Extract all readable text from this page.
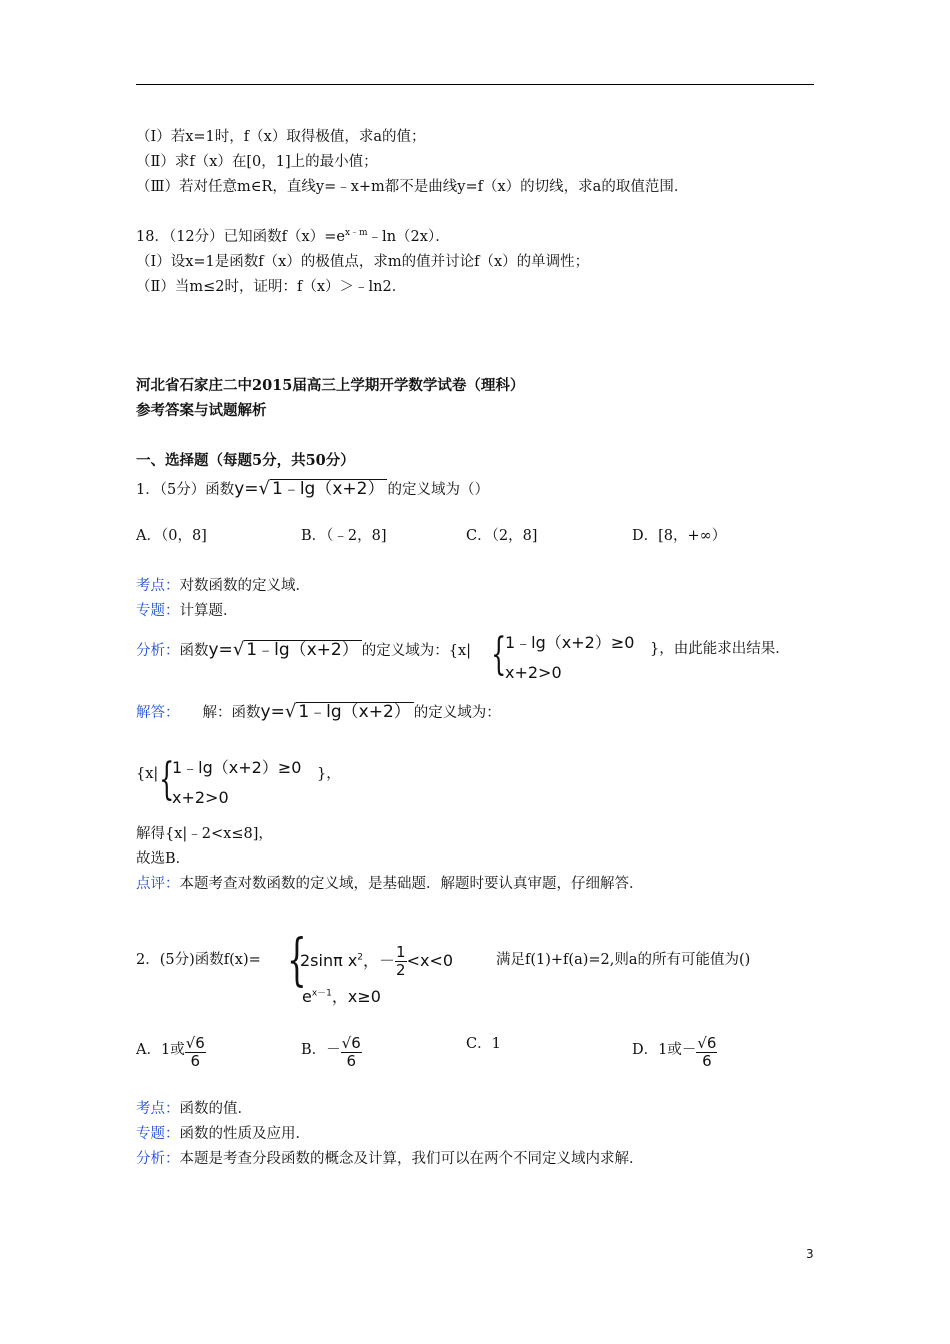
（Ⅰ）若x=1时，f（x）取得极值，求a的值；
（Ⅱ）求f（x）在[0，1]上的最小值；
（Ⅲ）若对任意m∈R，直线y=﹣x+m都不是曲线y=f（x）的切线，求a的取值范围．
18．（12分）已知函数$f(x)=e^{x﹣m}﹣\ln(2x)$．
（Ⅰ）设x=1是函数f（x）的极值点，求m的值并讨论f（x）的单调性；
（Ⅱ）当m≤2时，证明：f（x）＞﹣ln2．
河北省石家庄二中2015届高三上学期开学数学试卷（理科）
参考答案与试题解析
一、选择题（每题5分，共50分）
1．（5分）函数y=√ 1﹣lg（x+2） 的定义域为（）
A．（0，8]	B．（﹣2，8]	C．（2，8]	D．[8，+∞）
考点：对数函数的定义域．
专题：计算题．
分析：函数y=√ 1﹣lg（x+2） 的定义域为：{x| {
1﹣lg（x+2）≥0
x+2>0
}，由此能求出结果．
解答： 解：函数y=√ 1﹣lg（x+2） 的定义域为：
{x| {
1﹣lg（x+2）≥0
x+2>0
}，
解得{x|﹣2<x≤8]，
故选B．
点评：本题考查对数函数的定义域，是基础题．解题时要认真审题，仔细解答．
2．(5分)函数f(x)= {
2sinπ $x^2$，－ $\frac{1}{2} <x<0$
$e^{x-1}$，x≥0
满足f(1)+f(a)=2,则a的所有可能值为()
A．1或 $\frac{√6}{6}$	B．－ $\frac{√6}{6}$	C．1	D．1或－ $\frac{√6}{6}$
考点：函数的值．
专题：函数的性质及应用．
分析：本题是考查分段函数的概念及计算，我们可以在两个不同定义域内求解．
3
